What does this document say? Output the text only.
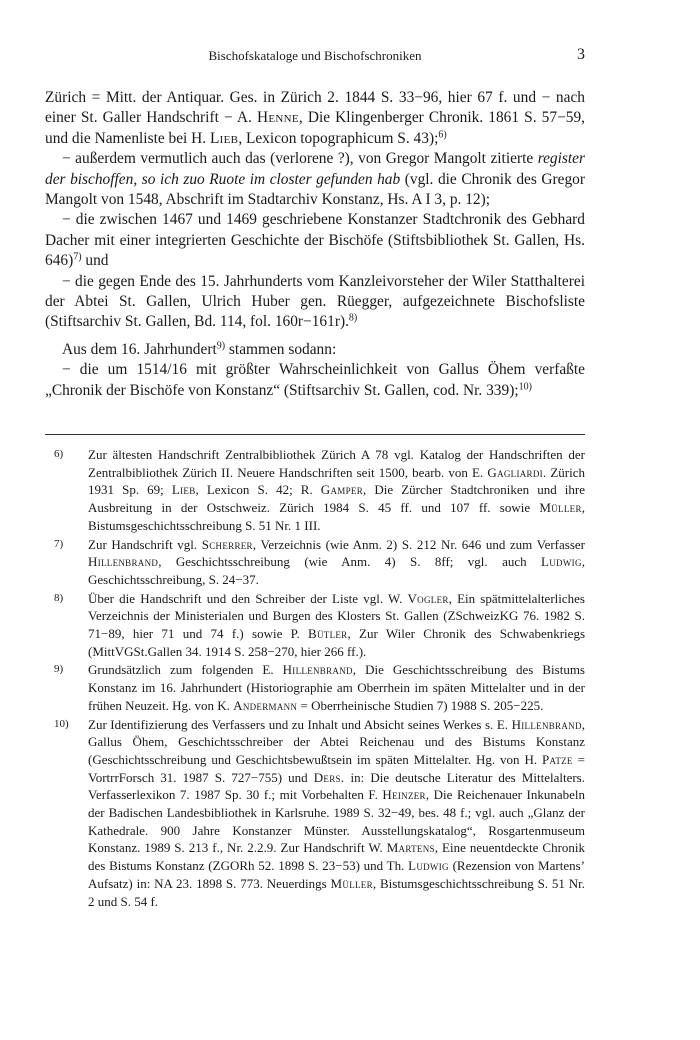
Bischofskataloge und Bischofschroniken	3

Zürich = Mitt. der Antiquar. Ges. in Zürich 2. 1844 S. 33−96, hier 67 f. und − nach einer St. Galler Handschrift − A. Henne, Die Klingenberger Chronik. 1861 S. 57−59, und die Namenliste bei H. Lieb, Lexicon topographicum S. 43);$^{6)}$

− außerdem vermutlich auch das (verlorene ?), von Gregor Mangolt zitierte register der bischoffen, so ich zuo Ruote im closter gefunden hab (vgl. die Chronik des Gregor Mangolt von 1548, Abschrift im Stadtarchiv Konstanz, Hs. A I 3, p. 12);

− die zwischen 1467 und 1469 geschriebene Konstanzer Stadtchronik des Gebhard Dacher mit einer integrierten Geschichte der Bischöfe (Stiftsbibliothek St. Gallen, Hs. 646)$^{7)}$ und

− die gegen Ende des 15. Jahrhunderts vom Kanzleivorsteher der Wiler Statthalterei der Abtei St. Gallen, Ulrich Huber gen. Rüegger, aufgezeichnete Bischofsliste (Stiftsarchiv St. Gallen, Bd. 114, fol. 160r−161r).$^{8)}$

Aus dem 16. Jahrhundert$^{9)}$ stammen sodann:

− die um 1514/16 mit größter Wahrscheinlichkeit von Gallus Öhem verfaßte „Chronik der Bischöfe von Konstanz“ (Stiftsarchiv St. Gallen, cod. Nr. 339);$^{10)}$

6) Zur ältesten Handschrift Zentralbibliothek Zürich A 78 vgl. Katalog der Handschriften der Zentralbibliothek Zürich II. Neuere Handschriften seit 1500, bearb. von E. Gagliardi. Zürich 1931 Sp. 69; Lieb, Lexicon S. 42; R. Gamper, Die Zürcher Stadtchroniken und ihre Ausbreitung in der Ostschweiz. Zürich 1984 S. 45 ff. und 107 ff. sowie Müller, Bistumsgeschichtsschreibung S. 51 Nr. 1 III.

7) Zur Handschrift vgl. Scherrer, Verzeichnis (wie Anm. 2) S. 212 Nr. 646 und zum Verfasser Hillenbrand, Geschichtsschreibung (wie Anm. 4) S. 8ff; vgl. auch Ludwig, Geschichtsschreibung, S. 24−37.

8) Über die Handschrift und den Schreiber der Liste vgl. W. Vogler, Ein spätmittelalterliches Verzeichnis der Ministerialen und Burgen des Klosters St. Gallen (ZSchweizKG 76. 1982 S. 71−89, hier 71 und 74 f.) sowie P. Bütler, Zur Wiler Chronik des Schwabenkriegs (MittVGSt.Gallen 34. 1914 S. 258−270, hier 266 ff.).

9) Grundsätzlich zum folgenden E. Hillenbrand, Die Geschichtsschreibung des Bistums Konstanz im 16. Jahrhundert (Historiographie am Oberrhein im späten Mittelalter und in der frühen Neuzeit. Hg. von K. Andermann = Oberrheinische Studien 7) 1988 S. 205−225.

10) Zur Identifizierung des Verfassers und zu Inhalt und Absicht seines Werkes s. E. Hillenbrand, Gallus Öhem, Geschichtsschreiber der Abtei Reichenau und des Bistums Konstanz (Geschichtsschreibung und Geschichtsbewußtsein im späten Mittelalter. Hg. von H. Patze = VortrrForsch 31. 1987 S. 727−755) und Ders. in: Die deutsche Literatur des Mittelalters. Verfasserlexikon 7. 1987 Sp. 30 f.; mit Vorbehalten F. Heinzer, Die Reichenauer Inkunabeln der Badischen Landesbibliothek in Karlsruhe. 1989 S. 32−49, bes. 48 f.; vgl. auch „Glanz der Kathedrale. 900 Jahre Konstanzer Münster. Ausstellungskatalog“, Rosgartenmuseum Konstanz. 1989 S. 213 f., Nr. 2.2.9. Zur Handschrift W. Martens, Eine neuentdeckte Chronik des Bistums Konstanz (ZGORh 52. 1898 S. 23−53) und Th. Ludwig (Rezension von Martens’ Aufsatz) in: NA 23. 1898 S. 773. Neuerdings Müller, Bistumsgeschichtsschreibung S. 51 Nr. 2 und S. 54 f.
